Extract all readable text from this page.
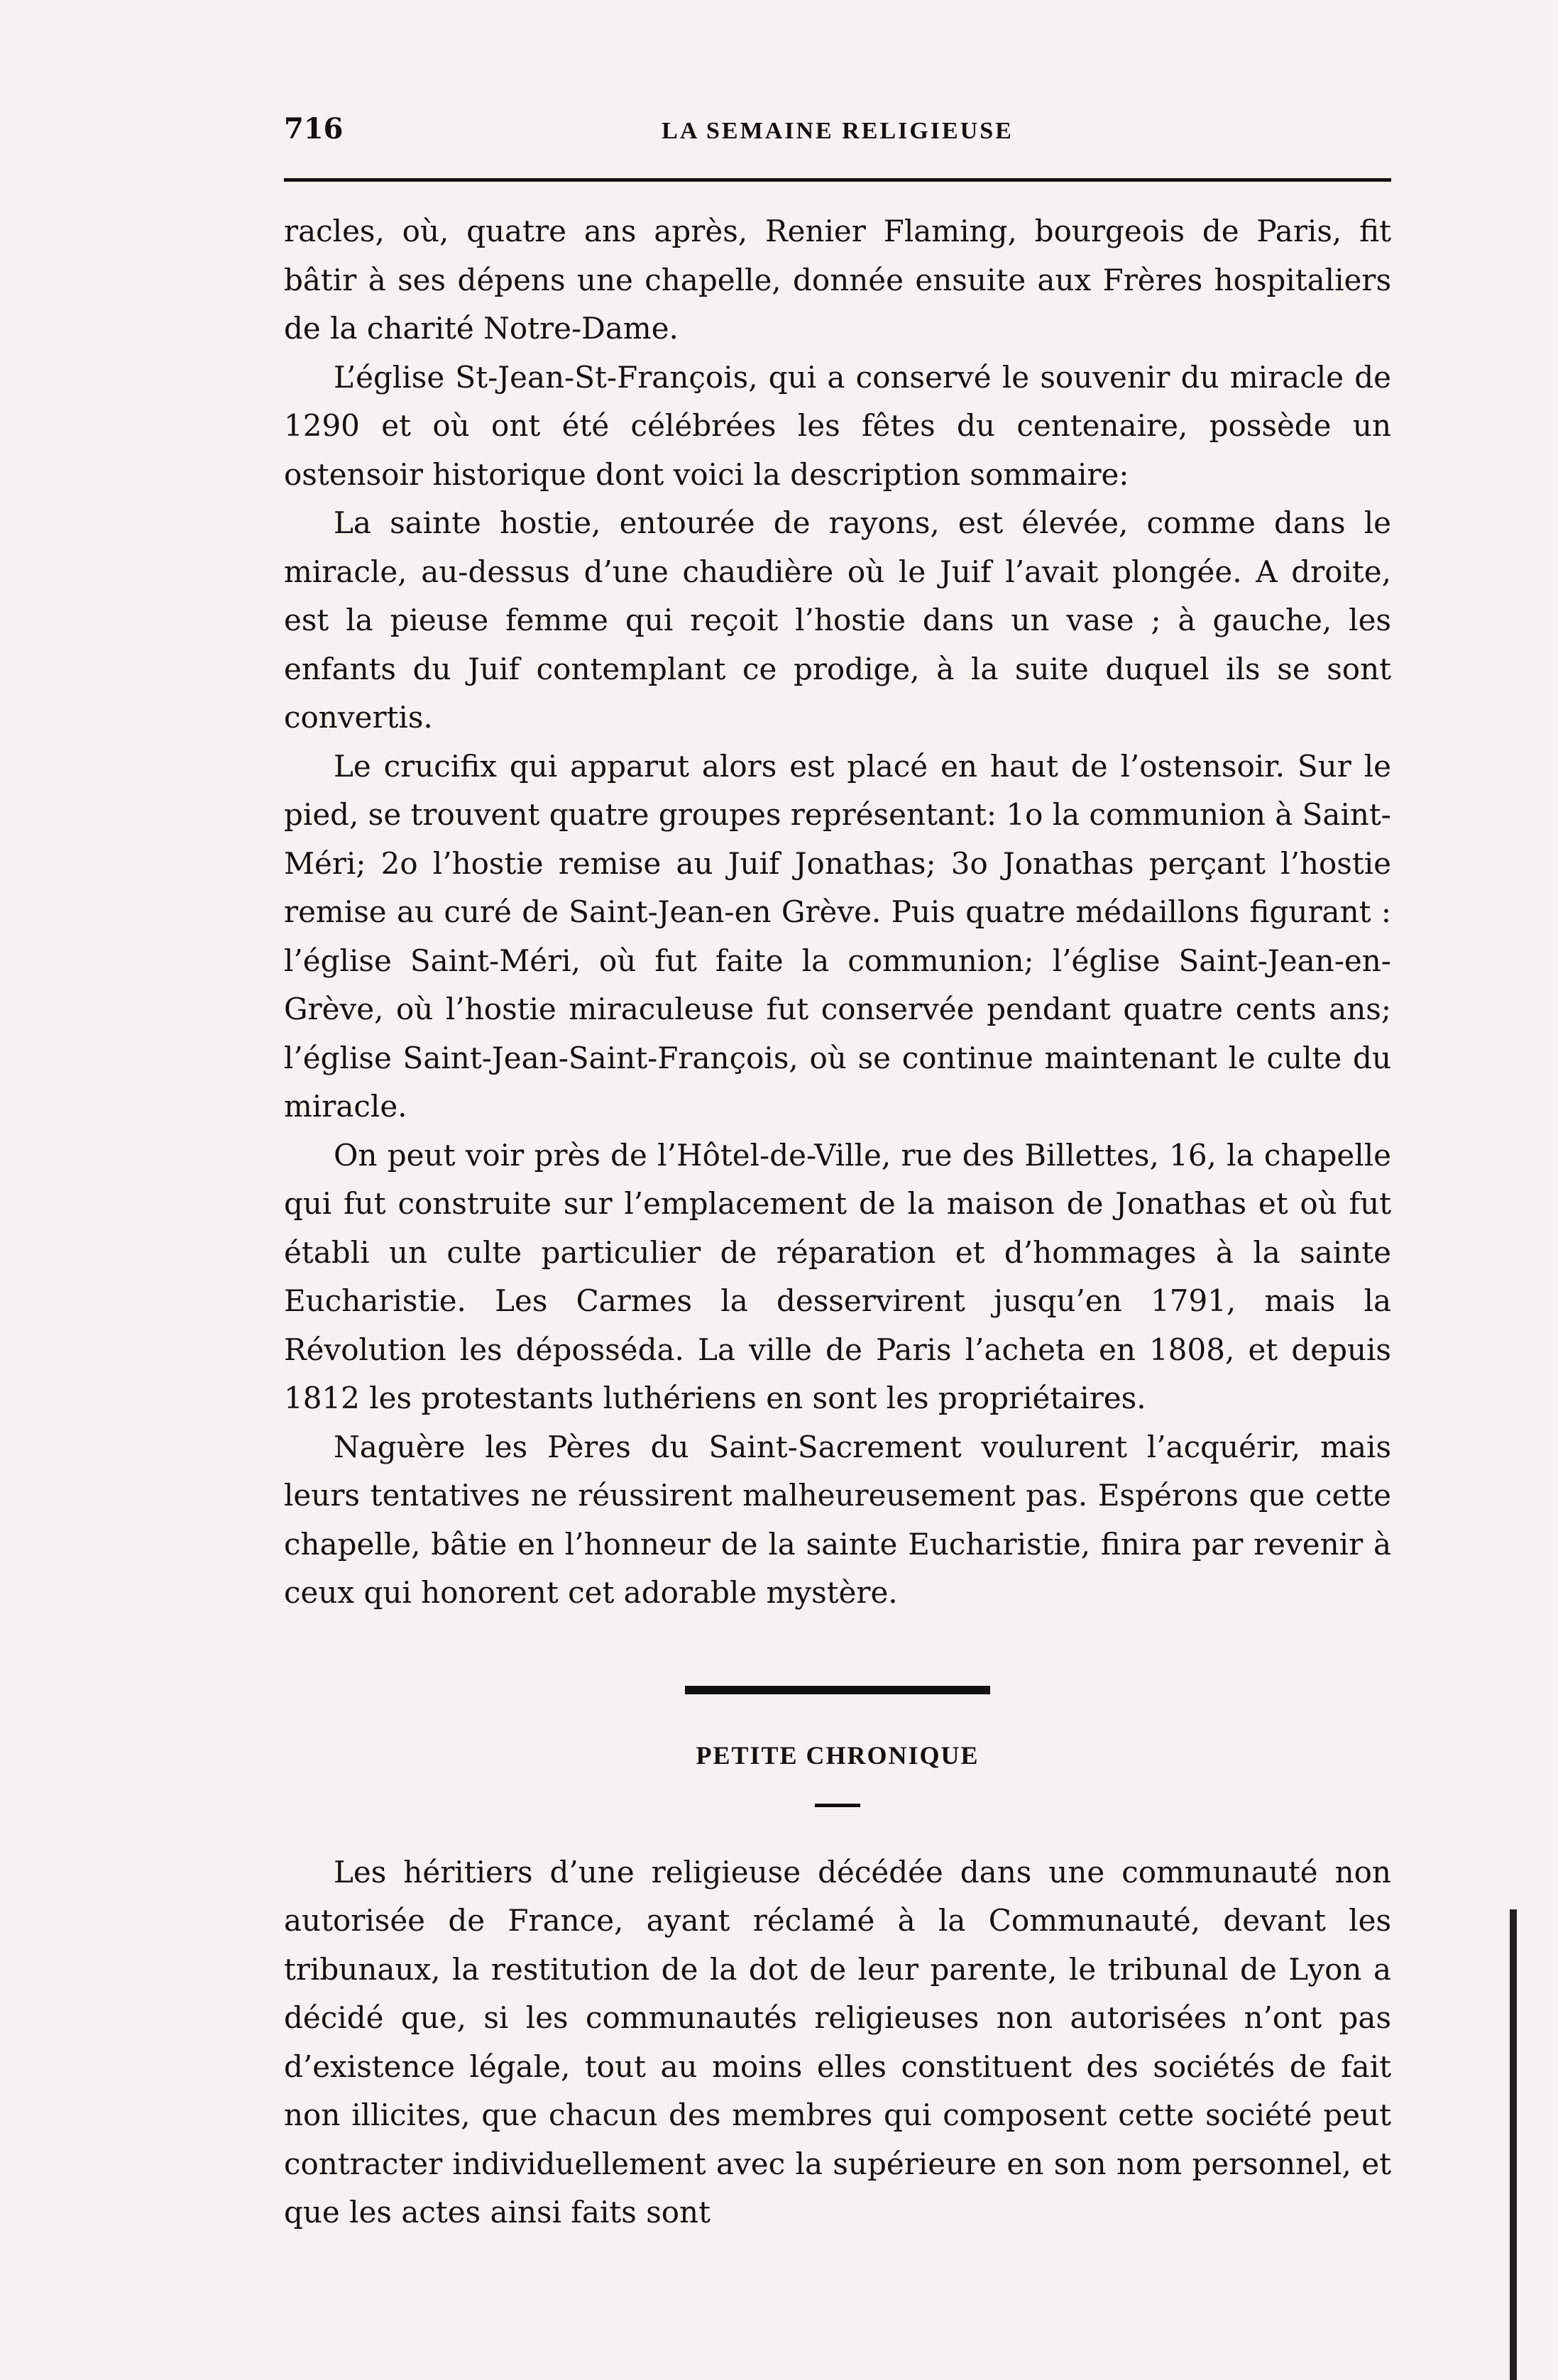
716	LA SEMAINE RELIGIEUSE

racles, où, quatre ans après, Renier Flaming, bourgeois de Paris, fit bâtir à ses dépens une chapelle, donnée ensuite aux Frères hospitaliers de la charité Notre-Dame.

L’église St-Jean-St-François, qui a conservé le souvenir du miracle de 1290 et où ont été célébrées les fêtes du centenaire, possède un ostensoir historique dont voici la description sommaire:

La sainte hostie, entourée de rayons, est élevée, comme dans le miracle, au-dessus d’une chaudière où le Juif l’avait plongée. A droite, est la pieuse femme qui reçoit l’hostie dans un vase ; à gauche, les enfants du Juif contemplant ce prodige, à la suite duquel ils se sont convertis.

Le crucifix qui apparut alors est placé en haut de l’ostensoir. Sur le pied, se trouvent quatre groupes représentant: 1o la communion à Saint-Méri; 2o l’hostie remise au Juif Jonathas; 3o Jonathas perçant l’hostie remise au curé de Saint-Jean-en Grève. Puis quatre médaillons figurant : l’église Saint-Méri, où fut faite la communion; l’église Saint-Jean-en-Grève, où l’hostie miraculeuse fut conservée pendant quatre cents ans; l’église Saint-Jean-Saint-François, où se continue maintenant le culte du miracle.

On peut voir près de l’Hôtel-de-Ville, rue des Billettes, 16, la chapelle qui fut construite sur l’emplacement de la maison de Jonathas et où fut établi un culte particulier de réparation et d’hommages à la sainte Eucharistie. Les Carmes la desservirent jusqu’en 1791, mais la Révolution les déposséda. La ville de Paris l’acheta en 1808, et depuis 1812 les protestants luthériens en sont les propriétaires.

Naguère les Pères du Saint-Sacrement voulurent l’acquérir, mais leurs tentatives ne réussirent malheureusement pas. Espérons que cette chapelle, bâtie en l’honneur de la sainte Eucharistie, finira par revenir à ceux qui honorent cet adorable mystère.

PETITE CHRONIQUE

Les héritiers d’une religieuse décédée dans une communauté non autorisée de France, ayant réclamé à la Communauté, devant les tribunaux, la restitution de la dot de leur parente, le tribunal de Lyon a décidé que, si les communautés religieuses non autorisées n’ont pas d’existence légale, tout au moins elles constituent des sociétés de fait non illicites, que chacun des membres qui composent cette société peut contracter individuellement avec la supérieure en son nom personnel, et que les actes ainsi faits sont
